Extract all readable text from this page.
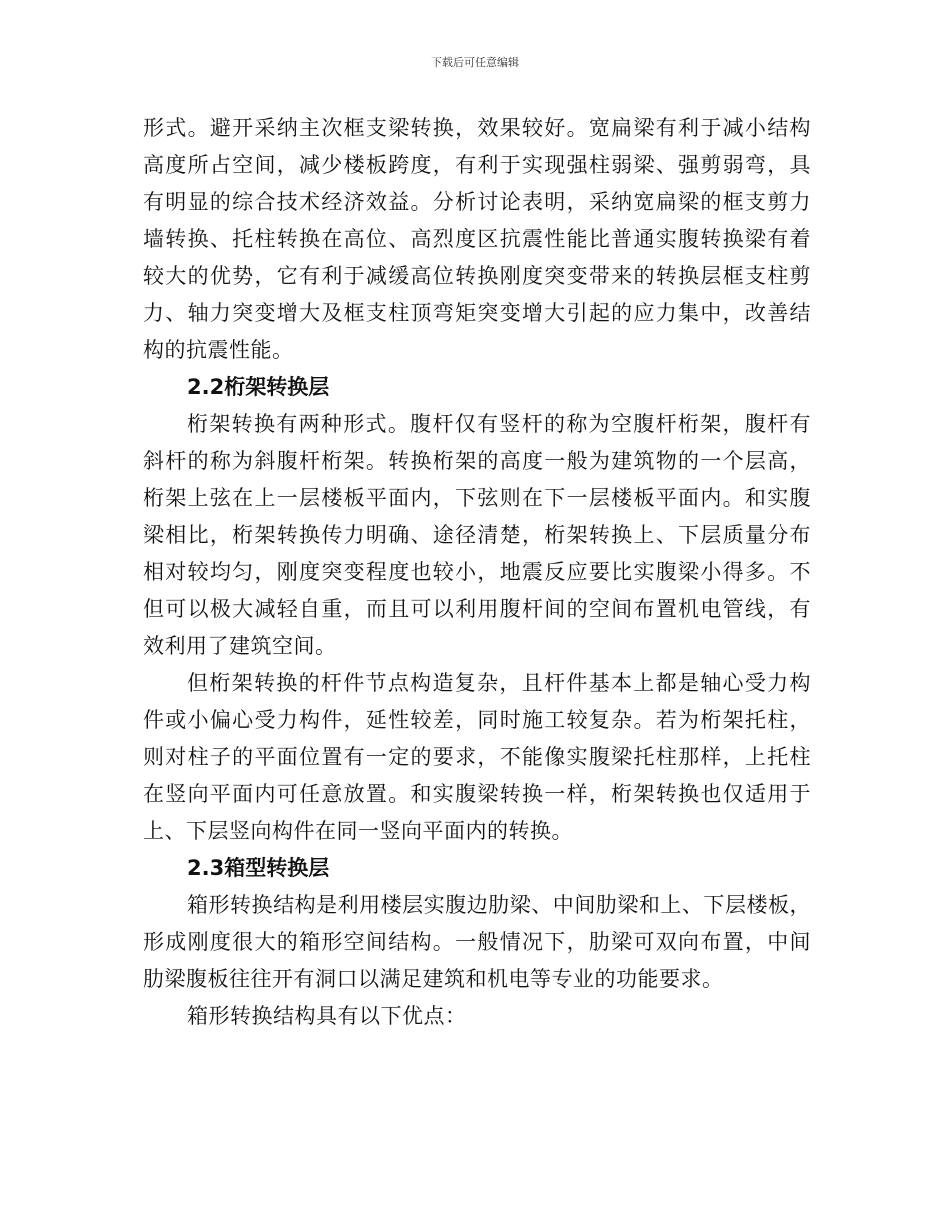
下载后可任意编辑
形式。避开采纳主次框支梁转换，效果较好。宽扁梁有利于减小结构
高度所占空间，减少楼板跨度，有利于实现强柱弱梁、强剪弱弯，具
有明显的综合技术经济效益。分析讨论表明，采纳宽扁梁的框支剪力
墙转换、托柱转换在高位、高烈度区抗震性能比普通实腹转换梁有着
较大的优势，它有利于减缓高位转换刚度突变带来的转换层框支柱剪
力、轴力突变增大及框支柱顶弯矩突变增大引起的应力集中，改善结
构的抗震性能。
2.2桁架转换层
桁架转换有两种形式。腹杆仅有竖杆的称为空腹杆桁架，腹杆有
斜杆的称为斜腹杆桁架。转换桁架的高度一般为建筑物的一个层高，
桁架上弦在上一层楼板平面内，下弦则在下一层楼板平面内。和实腹
梁相比，桁架转换传力明确、途径清楚，桁架转换上、下层质量分布
相对较均匀，刚度突变程度也较小，地震反应要比实腹梁小得多。不
但可以极大减轻自重，而且可以利用腹杆间的空间布置机电管线，有
效利用了建筑空间。
但桁架转换的杆件节点构造复杂，且杆件基本上都是轴心受力构
件或小偏心受力构件，延性较差，同时施工较复杂。若为桁架托柱，
则对柱子的平面位置有一定的要求，不能像实腹梁托柱那样，上托柱
在竖向平面内可任意放置。和实腹梁转换一样，桁架转换也仅适用于
上、下层竖向构件在同一竖向平面内的转换。
2.3箱型转换层
箱形转换结构是利用楼层实腹边肋梁、中间肋梁和上、下层楼板，
形成刚度很大的箱形空间结构。一般情况下，肋梁可双向布置，中间
肋梁腹板往往开有洞口以满足建筑和机电等专业的功能要求。
箱形转换结构具有以下优点：
